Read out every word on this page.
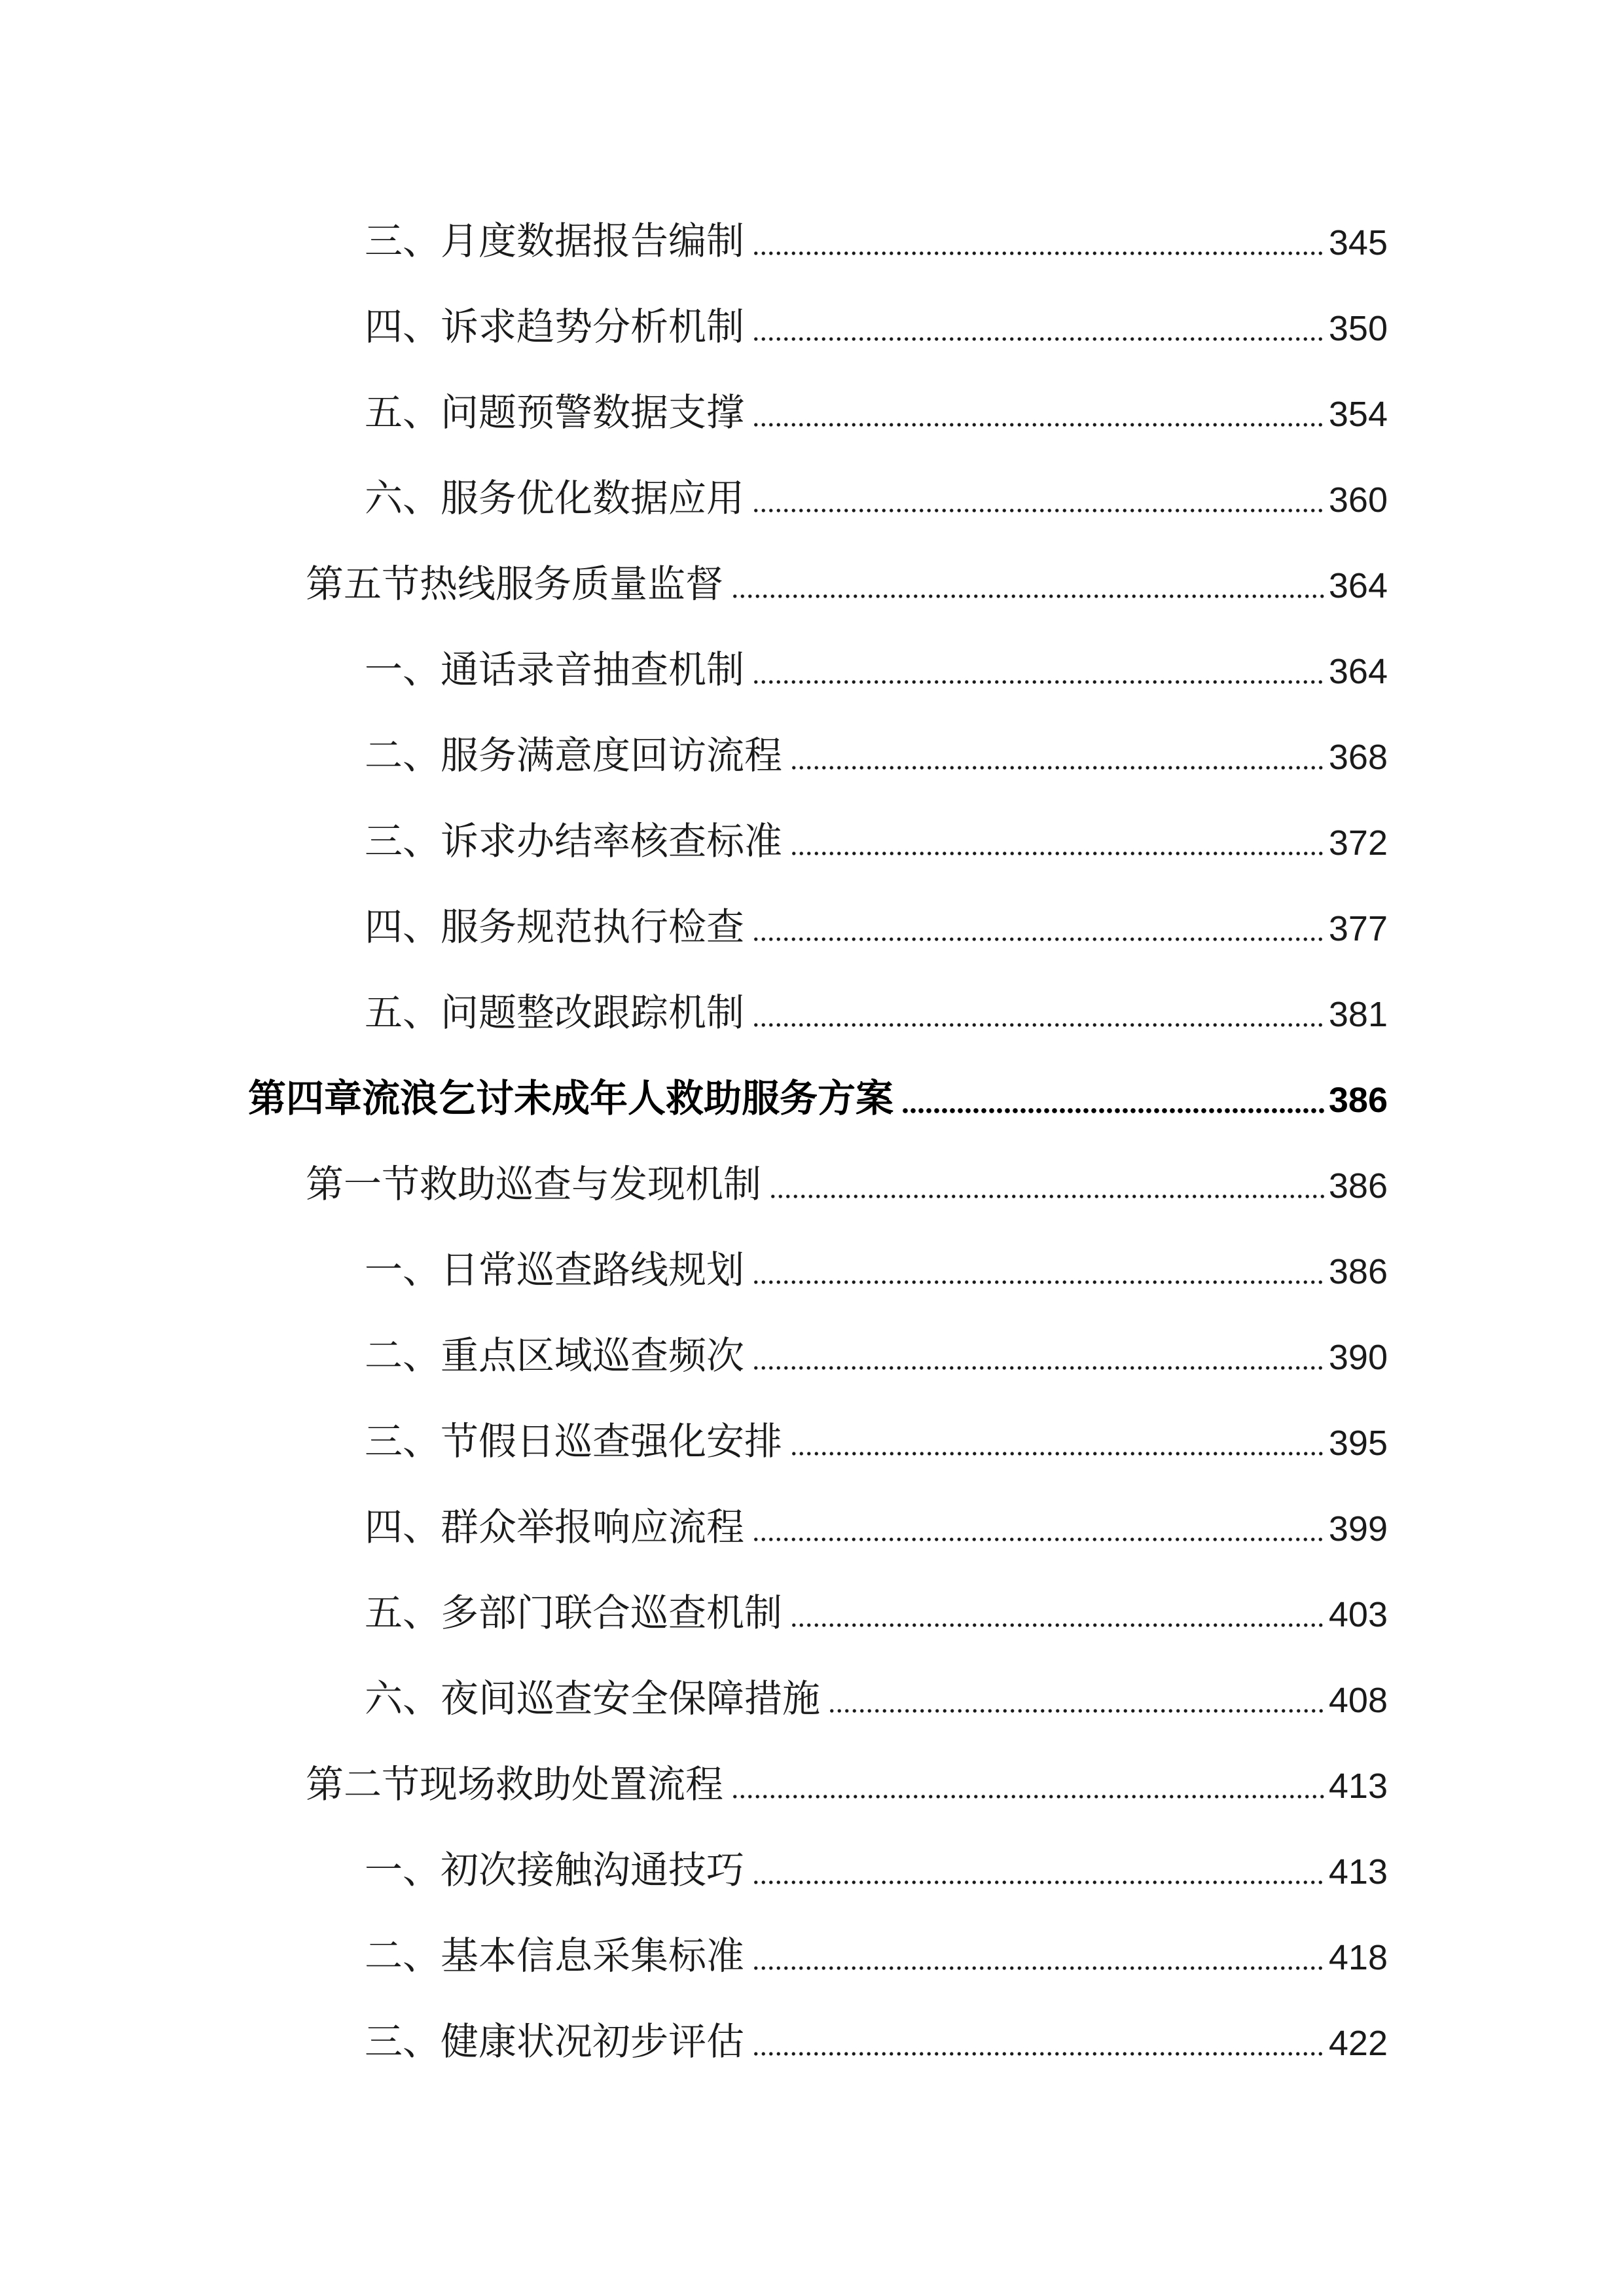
三、月度数据报告编制	345
四、诉求趋势分析机制	350
五、问题预警数据支撑	354
六、服务优化数据应用	360
第五节热线服务质量监督	364
一、通话录音抽查机制	364
二、服务满意度回访流程	368
三、诉求办结率核查标准	372
四、服务规范执行检查	377
五、问题整改跟踪机制	381
第四章流浪乞讨未成年人救助服务方案	386
第一节救助巡查与发现机制	386
一、日常巡查路线规划	386
二、重点区域巡查频次	390
三、节假日巡查强化安排	395
四、群众举报响应流程	399
五、多部门联合巡查机制	403
六、夜间巡查安全保障措施	408
第二节现场救助处置流程	413
一、初次接触沟通技巧	413
二、基本信息采集标准	418
三、健康状况初步评估	422
